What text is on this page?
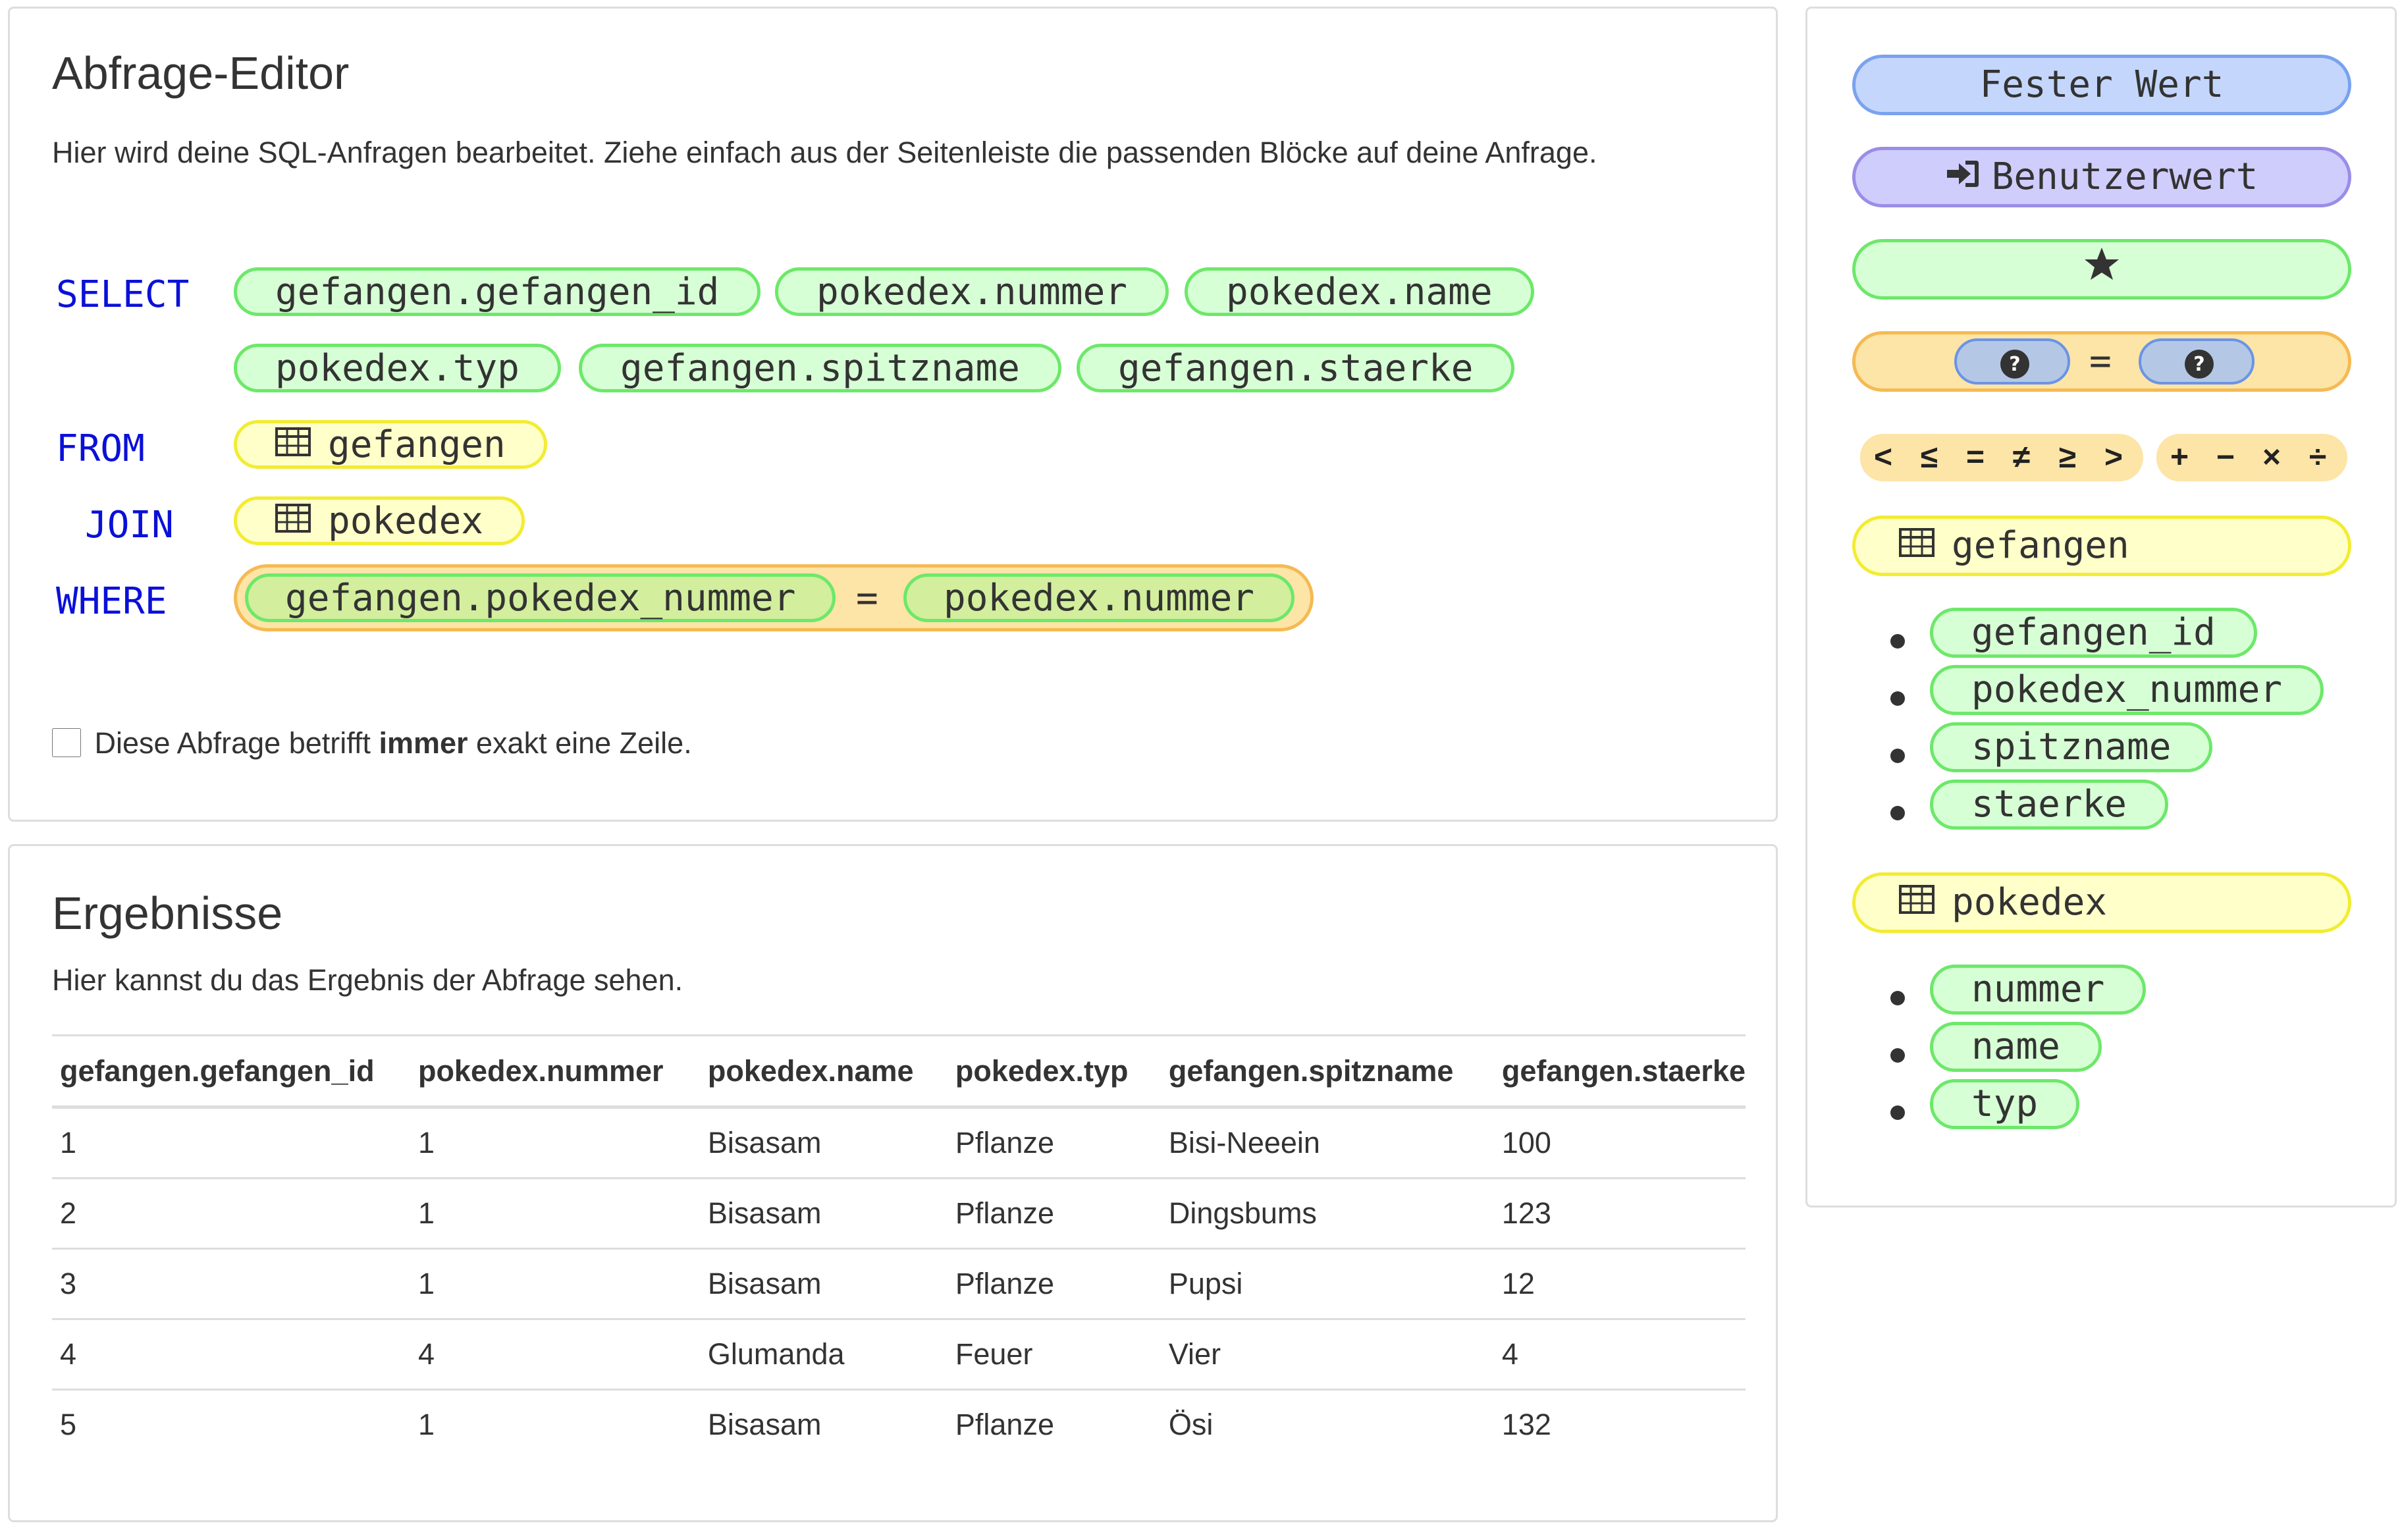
Abfrage-Editor

Hier wird deine SQL-Anfragen bearbeitet. Ziehe einfach aus der Seitenleiste die passenden Blöcke auf deine Anfrage.

SELECT
FROM
JOIN
WHERE
gefangen.gefangen_id	pokedex.nummer	pokedex.name
pokedex.typ	gefangen.spitzname	gefangen.staerke
gefangen
pokedex
gefangen.pokedex_nummer	=	pokedex.nummer
Diese Abfrage betrifft immer exakt eine Zeile.
Ergebnisse

Hier kannst du das Ergebnis der Abfrage sehen.

gefangen.gefangen_id	pokedex.nummer	pokedex.name	pokedex.typ	gefangen.spitzname	gefangen.staerke
1	1	Bisasam	Pflanze	Bisi-Neeein	100
2	1	Bisasam	Pflanze	Dingsbums	123
3	1	Bisasam	Pflanze	Pupsi	12
4	4	Glumanda	Feuer	Vier	4
5	1	Bisasam	Pflanze	Ösi	132
Fester Wert
Benutzerwert
? =	?
< ≤ = ≠ ≥ >	+ − × ÷
gefangen
gefangen_id
pokedex_nummer
spitzname
staerke
pokedex
nummer
name
typ
